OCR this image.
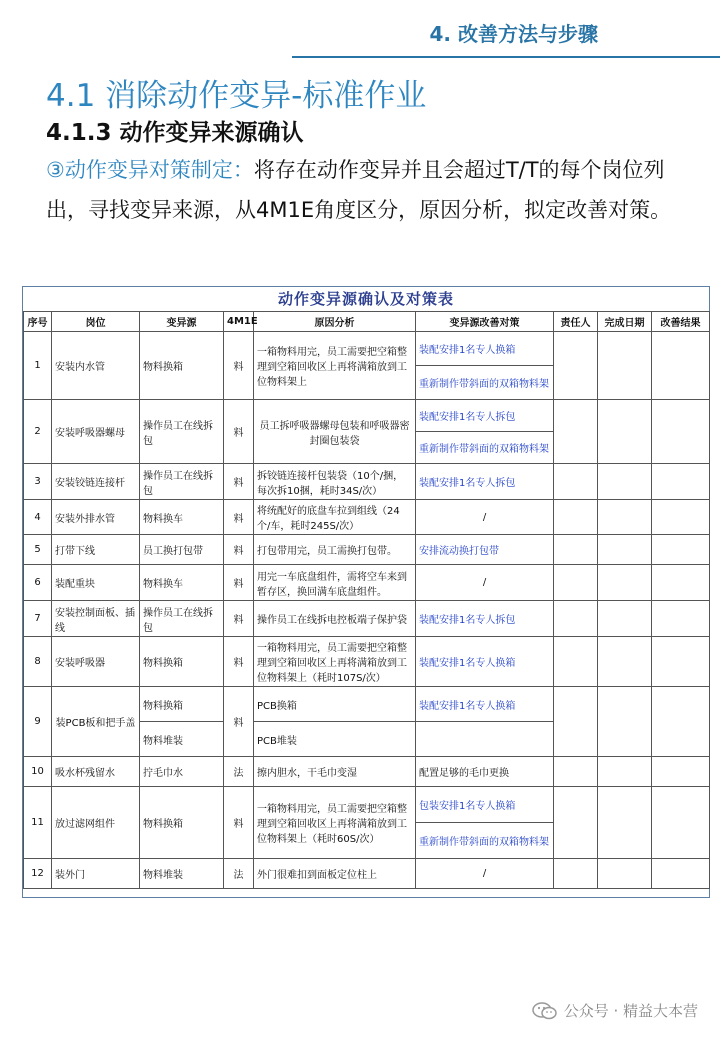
4. 改善方法与步骤
4.1 消除动作变异-标准作业
4.1.3 动作变异来源确认
③动作变异对策制定：将存在动作变异并且会超过T/T的每个岗位列出，寻找变异来源，从4M1E角度区分，原因分析，拟定改善对策。
动作变异源确认及对策表
序号	岗位	变异源	4M1E	原因分析	变异源改善对策	责任人	完成日期	改善结果
1	安装内水管	物料换箱	料	一箱物料用完，员工需要把空箱整理到空箱回收区上再将满箱放到工位物料架上	装配安排1名专人换箱			
					重新制作带斜面的双箱物料架			
2	安装呼吸器螺母	操作员工在线拆包	料	员工拆呼吸器螺母包装和呼吸器密封圈包装袋	装配安排1名专人拆包			
					重新制作带斜面的双箱物料架			
3	安装铰链连接杆	操作员工在线拆包	料	拆铰链连接杆包装袋（10个/捆，每次拆10捆，耗时34S/次）	装配安排1名专人拆包			
4	安装外排水管	物料换车	料	将统配好的底盘车拉到组线（24个/车，耗时245S/次）	/			
5	打带下线	员工换打包带	料	打包带用完，员工需换打包带。	安排流动换打包带			
6	装配重块	物料换车	料	用完一车底盘组件，需将空车来到暂存区，换回满车底盘组件。	/			
7	安装控制面板、插线	操作员工在线拆包	料	操作员工在线拆电控板端子保护袋	装配安排1名专人拆包			
8	安装呼吸器	物料换箱	料	一箱物料用完，员工需要把空箱整理到空箱回收区上再将满箱放到工位物料架上（耗时107S/次）	装配安排1名专人换箱			
9	装PCB板和把手盖	物料换箱	料	PCB换箱	装配安排1名专人换箱			
		物料堆装		PCB堆装				
10	吸水杯残留水	拧毛巾水	法	擦内胆水，干毛巾变湿	配置足够的毛巾更换			
11	放过滤网组件	物料换箱	料	一箱物料用完，员工需要把空箱整理到空箱回收区上再将满箱放到工位物料架上（耗时60S/次）	包装安排1名专人换箱			
					重新制作带斜面的双箱物料架			
12	装外门	物料堆装	法	外门很难扣到面板定位柱上	/			
公众号 · 精益大本营
